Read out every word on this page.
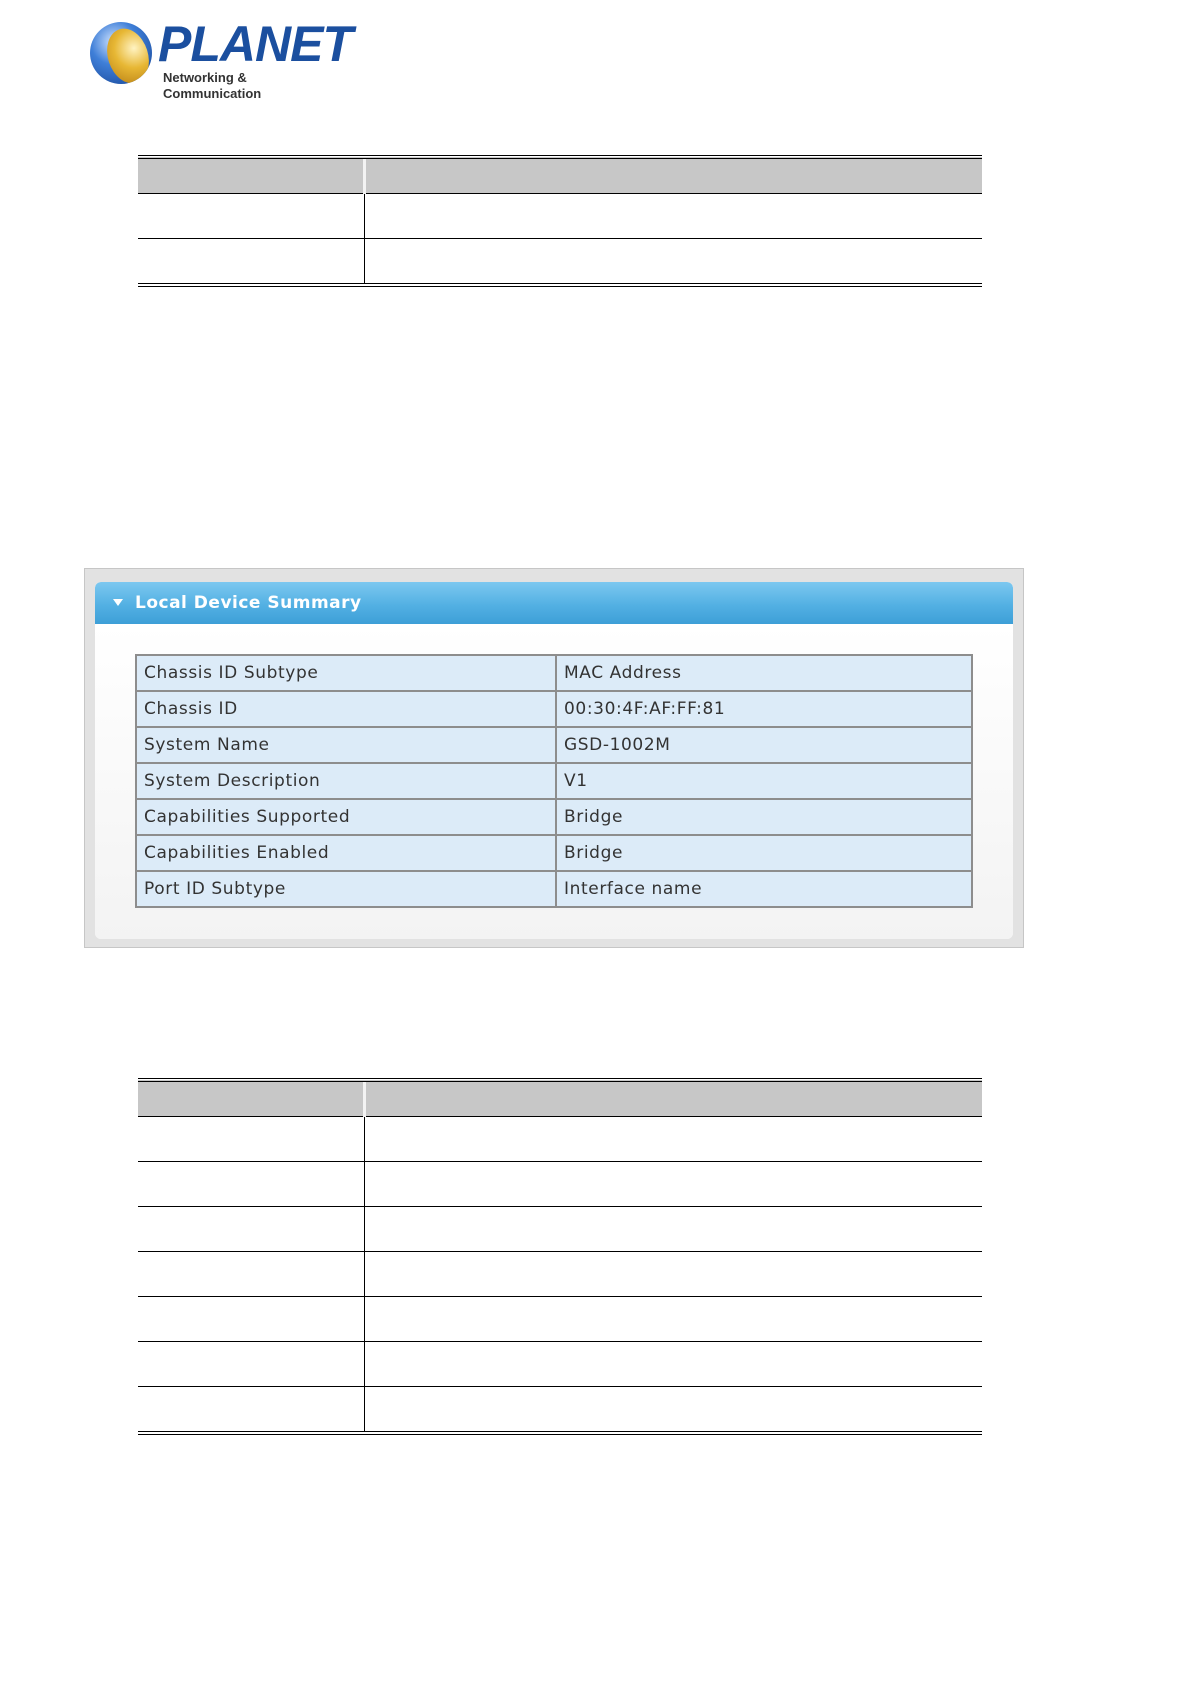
PLANET
Networking & Communication

Local Device Summary
Chassis ID Subtype	MAC Address
Chassis ID	00:30:4F:AF:FF:81
System Name	GSD-1002M
System Description	V1
Capabilities Supported	Bridge
Capabilities Enabled	Bridge
Port ID Subtype	Interface name
